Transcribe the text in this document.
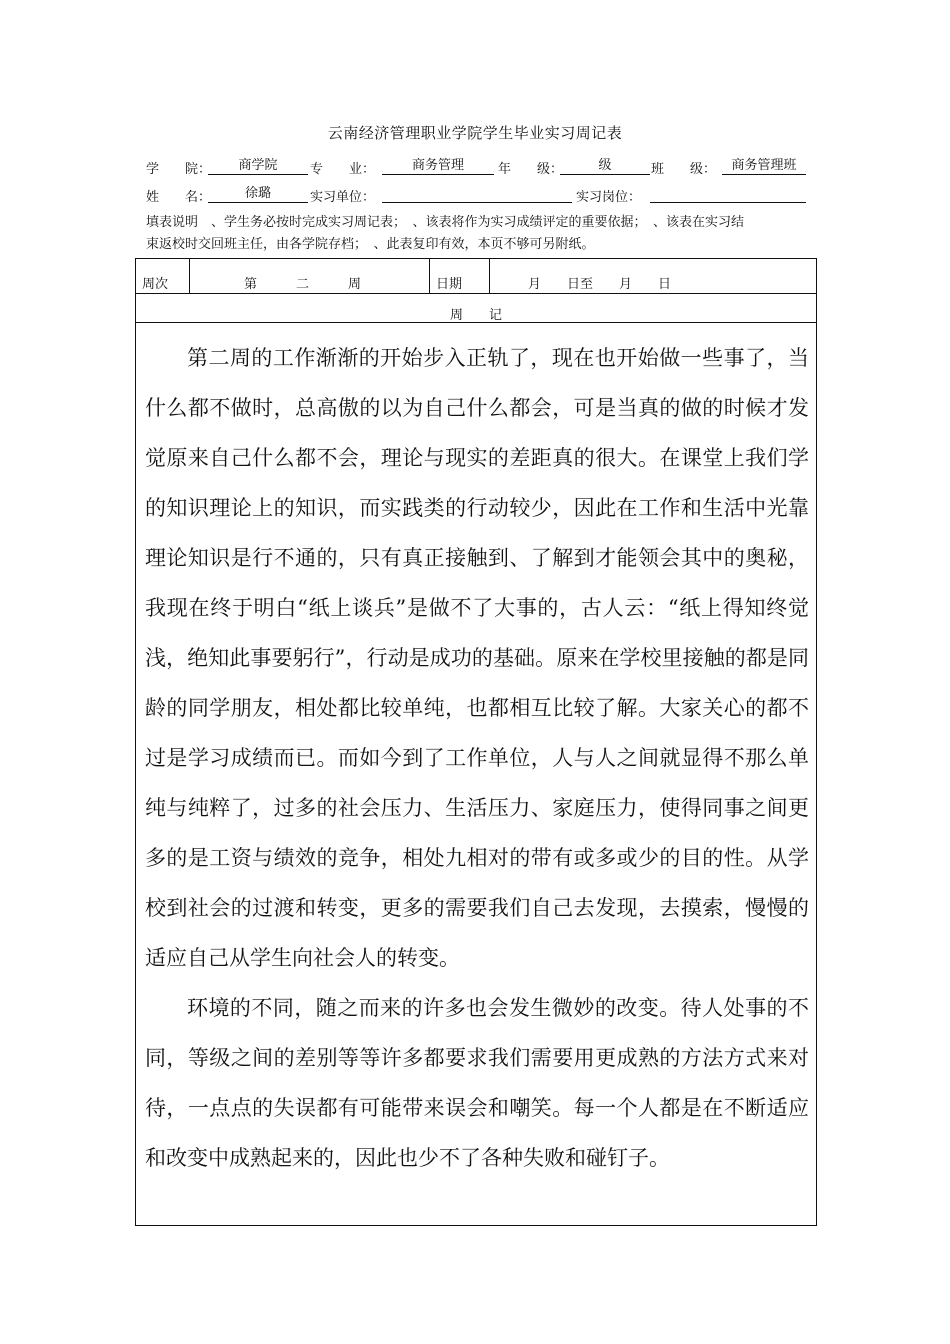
云南经济管理职业学院学生毕业实习周记表
学　　院：	商学院	专　　业：	商务管理	年　　级：	级	班　　级：	商务管理班
姓　　名：	徐璐	实习单位：	实习岗位：
填表说明　、学生务必按时完成实习周记表；　、该表将作为实习成绩评定的重要依据；　、该表在实习结
束返校时交回班主任，由各学院存档；　、此表复印有效，本页不够可另附纸。
周次	第　　　二　　　周	日期	月　　日至　　月　　日
周　　记

第二周的工作渐渐的开始步入正轨了，现在也开始做一些事了，当什么都不做时，总高傲的以为自己什么都会，可是当真的做的时候才发觉原来自己什么都不会，理论与现实的差距真的很大。在课堂上我们学的知识理论上的知识，而实践类的行动较少，因此在工作和生活中光靠理论知识是行不通的，只有真正接触到、了解到才能领会其中的奥秘，我现在终于明白“纸上谈兵”是做不了大事的，古人云：“纸上得知终觉浅，绝知此事要躬行”，行动是成功的基础。原来在学校里接触的都是同龄的同学朋友，相处都比较单纯，也都相互比较了解。大家关心的都不过是学习成绩而已。而如今到了工作单位，人与人之间就显得不那么单纯与纯粹了，过多的社会压力、生活压力、家庭压力，使得同事之间更多的是工资与绩效的竞争，相处九相对的带有或多或少的目的性。从学校到社会的过渡和转变，更多的需要我们自己去发现，去摸索，慢慢的适应自己从学生向社会人的转变。

环境的不同，随之而来的许多也会发生微妙的改变。待人处事的不同，等级之间的差别等等许多都要求我们需要用更成熟的方法方式来对待，一点点的失误都有可能带来误会和嘲笑。每一个人都是在不断适应和改变中成熟起来的，因此也少不了各种失败和碰钉子。
